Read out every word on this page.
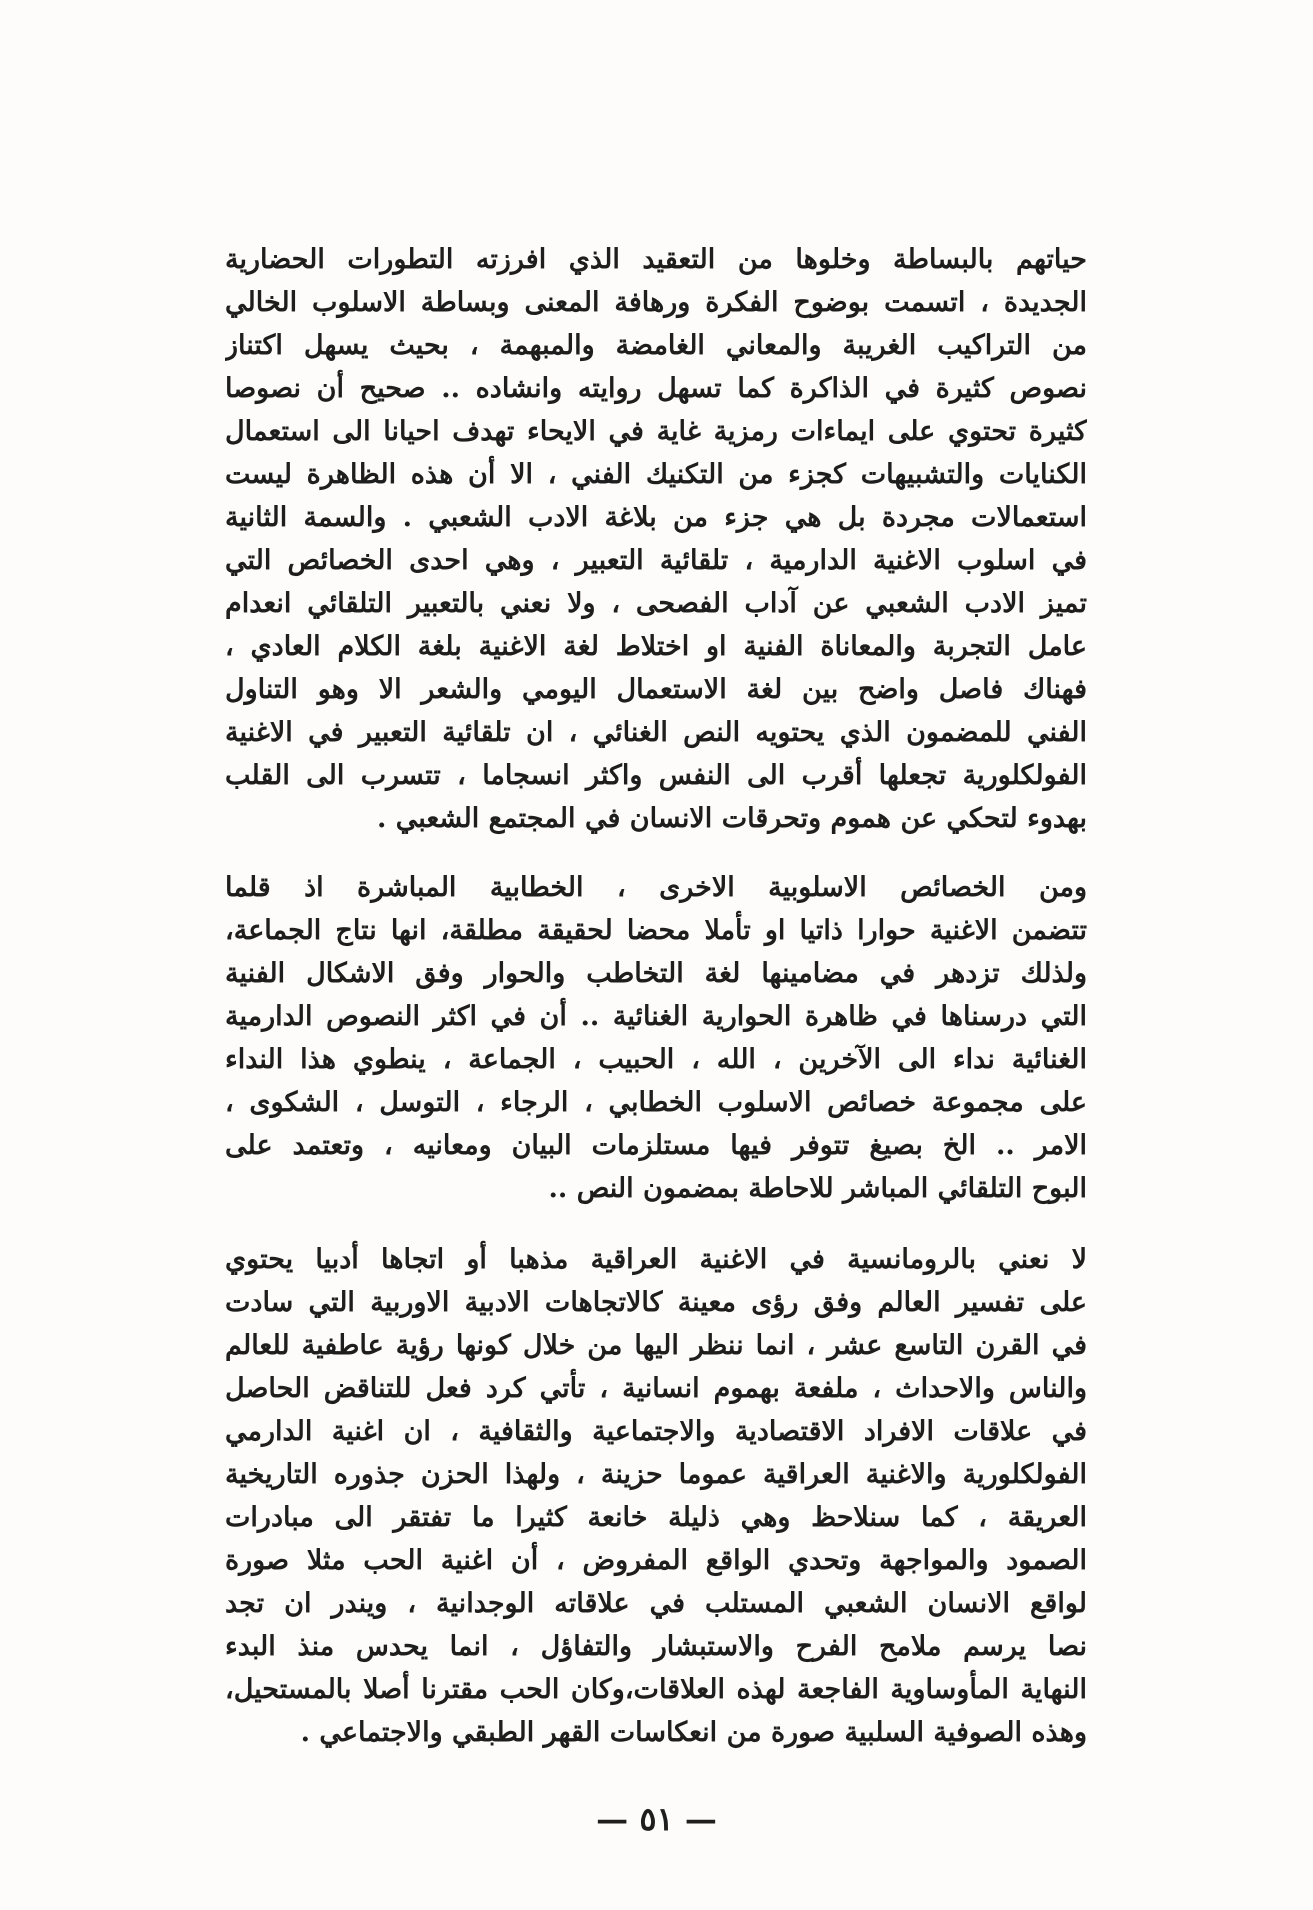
حياتهم بالبساطة وخلوها من التعقيد الذي افرزته التطورات الحضارية
الجديدة ، اتسمت بوضوح الفكرة ورهافة المعنى وبساطة الاسلوب الخالي
من التراكيب الغريبة والمعاني الغامضة والمبهمة ، بحيث يسهل اكتناز
نصوص كثيرة في الذاكرة كما تسهل روايته وانشاده .. صحيح أن نصوصا
كثيرة تحتوي على ايماءات رمزية غاية في الايحاء تهدف احيانا الى استعمال
الكنايات والتشبيهات كجزء من التكنيك الفني ، الا أن هذه الظاهرة ليست
استعمالات مجردة بل هي جزء من بلاغة الادب الشعبي . والسمة الثانية
في اسلوب الاغنية الدارمية ، تلقائية التعبير ، وهي احدى الخصائص التي
تميز الادب الشعبي عن آداب الفصحى ، ولا نعني بالتعبير التلقائي انعدام
عامل التجربة والمعاناة الفنية او اختلاط لغة الاغنية بلغة الكلام العادي ،
فهناك فاصل واضح بين لغة الاستعمال اليومي والشعر الا وهو التناول
الفني للمضمون الذي يحتويه النص الغنائي ، ان تلقائية التعبير في الاغنية
الفولكلورية تجعلها أقرب الى النفس واكثر انسجاما ، تتسرب الى القلب
بهدوء لتحكي عن هموم وتحرقات الانسان في المجتمع الشعبي .
ومن الخصائص الاسلوبية الاخرى ، الخطابية المباشرة اذ قلما
تتضمن الاغنية حوارا ذاتيا او تأملا محضا لحقيقة مطلقة، انها نتاج الجماعة،
ولذلك تزدهر في مضامينها لغة التخاطب والحوار وفق الاشكال الفنية
التي درسناها في ظاهرة الحوارية الغنائية .. أن في اكثر النصوص الدارمية
الغنائية نداء الى الآخرين ، الله ، الحبيب ، الجماعة ، ينطوي هذا النداء
على مجموعة خصائص الاسلوب الخطابي ، الرجاء ، التوسل ، الشكوى ،
الامر .. الخ بصيغ تتوفر فيها مستلزمات البيان ومعانيه ، وتعتمد على
البوح التلقائي المباشر للاحاطة بمضمون النص ..
لا نعني بالرومانسية في الاغنية العراقية مذهبا أو اتجاها أدبيا يحتوي
على تفسير العالم وفق رؤى معينة كالاتجاهات الادبية الاوربية التي سادت
في القرن التاسع عشر ، انما ننظر اليها من خلال كونها رؤية عاطفية للعالم
والناس والاحداث ، ملفعة بهموم انسانية ، تأتي كرد فعل للتناقض الحاصل
في علاقات الافراد الاقتصادية والاجتماعية والثقافية ، ان اغنية الدارمي
الفولكلورية والاغنية العراقية عموما حزينة ، ولهذا الحزن جذوره التاريخية
العريقة ، كما سنلاحظ وهي ذليلة خانعة كثيرا ما تفتقر الى مبادرات
الصمود والمواجهة وتحدي الواقع المفروض ، أن اغنية الحب مثلا صورة
لواقع الانسان الشعبي المستلب في علاقاته الوجدانية ، ويندر ان تجد
نصا يرسم ملامح الفرح والاستبشار والتفاؤل ، انما يحدس منذ البدء
النهاية المأوساوية الفاجعة لهذه العلاقات،وكان الحب مقترنا أصلا بالمستحيل،
وهذه الصوفية السلبية صورة من انعكاسات القهر الطبقي والاجتماعي .
— ٥١ —
